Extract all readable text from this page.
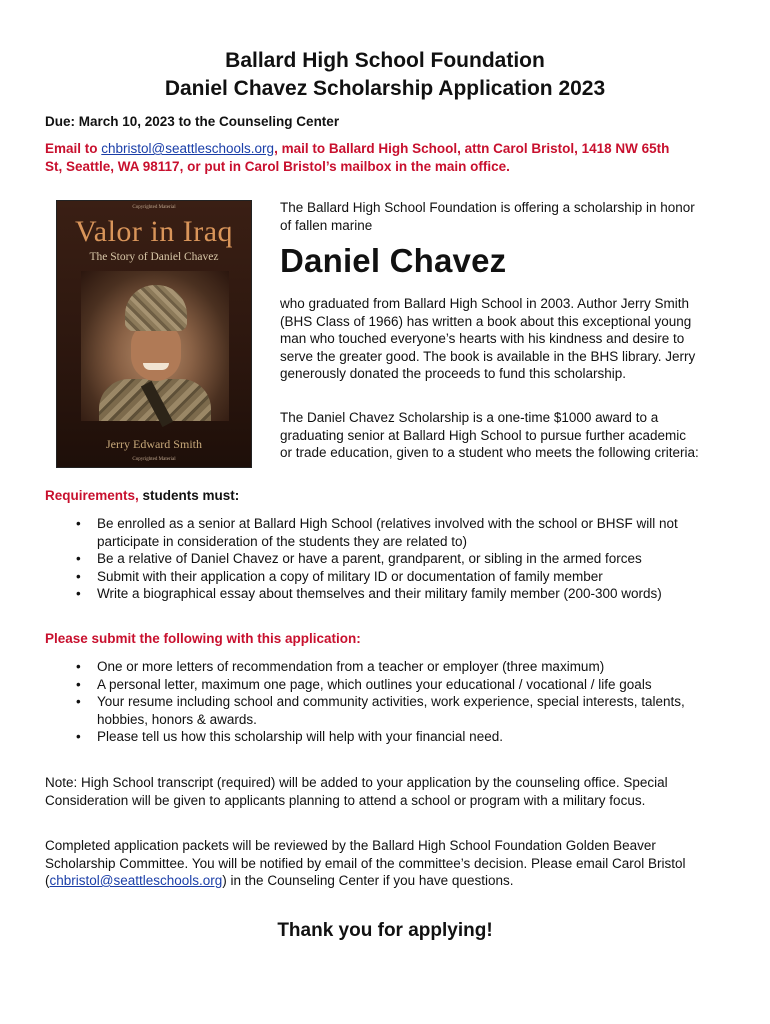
Ballard High School Foundation
Daniel Chavez Scholarship Application 2023
Due: March 10, 2023 to the Counseling Center
Email to chbristol@seattleschools.org, mail to Ballard High School, attn Carol Bristol, 1418 NW 65th St, Seattle, WA 98117, or put in Carol Bristol’s mailbox in the main office.
Copyrighted Material
Valor in Iraq
The Story of Daniel Chavez
Jerry Edward Smith
Copyrighted Material
The Ballard High School Foundation is offering a scholarship in honor of fallen marine
Daniel Chavez
who graduated from Ballard High School in 2003. Author Jerry Smith (BHS Class of 1966) has written a book about this exceptional young man who touched everyone’s hearts with his kindness and desire to serve the greater good. The book is available in the BHS library. Jerry generously donated the proceeds to fund this scholarship.
The Daniel Chavez Scholarship is a one-time $1000 award to a graduating senior at Ballard High School to pursue further academic or trade education, given to a student who meets the following criteria:
Requirements, students must:
• Be enrolled as a senior at Ballard High School (relatives involved with the school or BHSF will not participate in consideration of the students they are related to)
• Be a relative of Daniel Chavez or have a parent, grandparent, or sibling in the armed forces
• Submit with their application a copy of military ID or documentation of family member
• Write a biographical essay about themselves and their military family member (200-300 words)
Please submit the following with this application:
• One or more letters of recommendation from a teacher or employer (three maximum)
• A personal letter, maximum one page, which outlines your educational / vocational / life goals
• Your resume including school and community activities, work experience, special interests, talents, hobbies, honors & awards.
• Please tell us how this scholarship will help with your financial need.
Note: High School transcript (required) will be added to your application by the counseling office. Special Consideration will be given to applicants planning to attend a school or program with a military focus.
Completed application packets will be reviewed by the Ballard High School Foundation Golden Beaver Scholarship Committee. You will be notified by email of the committee’s decision. Please email Carol Bristol (chbristol@seattleschools.org) in the Counseling Center if you have questions.
Thank you for applying!
